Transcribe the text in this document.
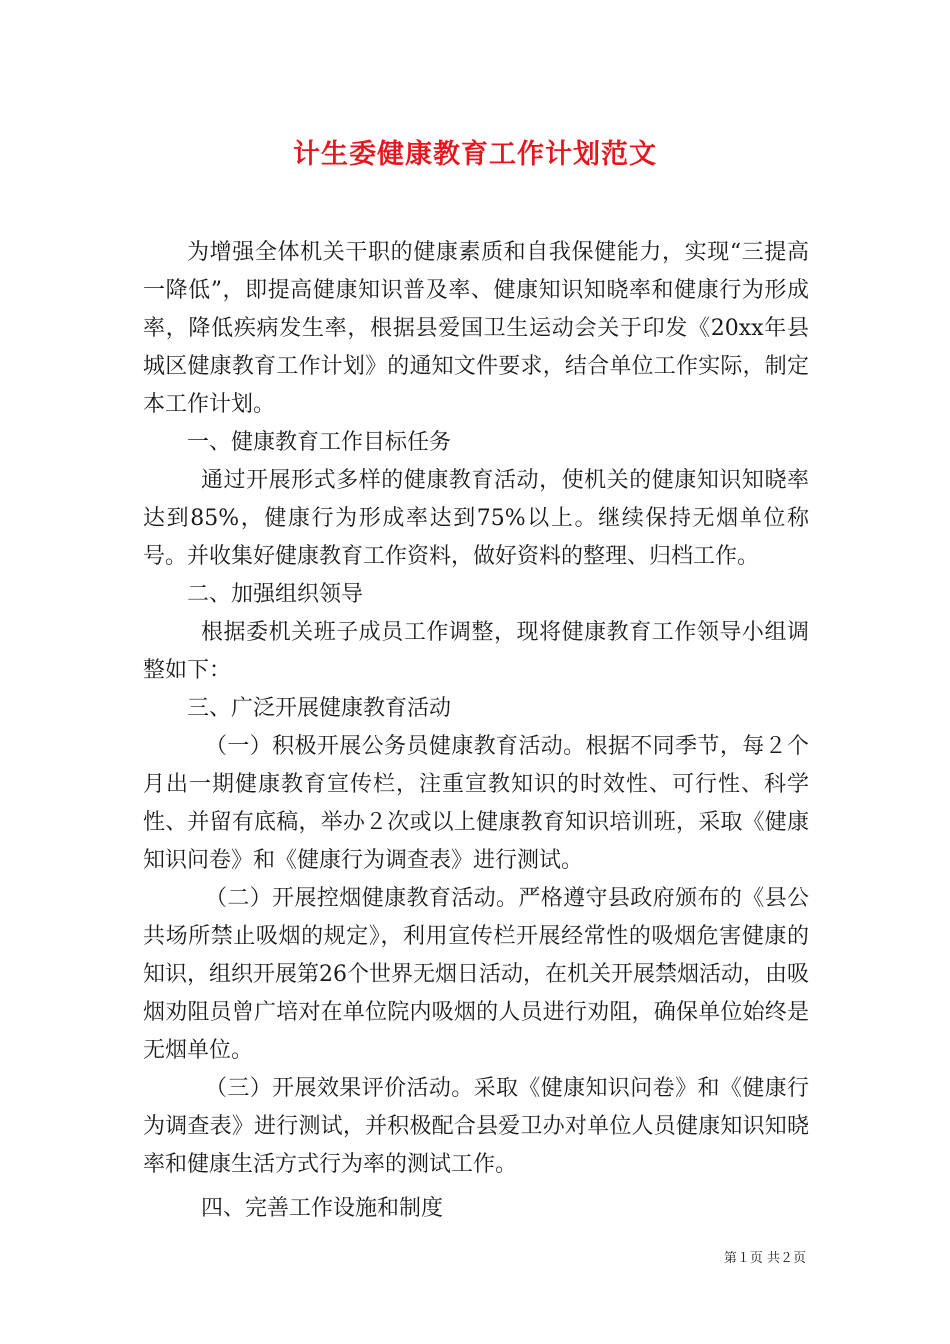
计生委健康教育工作计划范文

为增强全体机关干职的健康素质和自我保健能力，实现“三提高一降低”，即提高健康知识普及率、健康知识知晓率和健康行为形成率，降低疾病发生率，根据县爱国卫生运动会关于印发《20xx年县城区健康教育工作计划》的通知文件要求，结合单位工作实际，制定本工作计划。

一、健康教育工作目标任务

通过开展形式多样的健康教育活动，使机关的健康知识知晓率达到85%，健康行为形成率达到75%以上。继续保持无烟单位称号。并收集好健康教育工作资料，做好资料的整理、归档工作。

二、加强组织领导

根据委机关班子成员工作调整，现将健康教育工作领导小组调整如下：

三、广泛开展健康教育活动

（一）积极开展公务员健康教育活动。根据不同季节，每２个月出一期健康教育宣传栏，注重宣教知识的时效性、可行性、科学性、并留有底稿，举办２次或以上健康教育知识培训班，采取《健康知识问卷》和《健康行为调查表》进行测试。

（二）开展控烟健康教育活动。严格遵守县政府颁布的《县公共场所禁止吸烟的规定》，利用宣传栏开展经常性的吸烟危害健康的知识，组织开展第26个世界无烟日活动，在机关开展禁烟活动，由吸烟劝阻员曾广培对在单位院内吸烟的人员进行劝阻，确保单位始终是无烟单位。

（三）开展效果评价活动。采取《健康知识问卷》和《健康行为调查表》进行测试，并积极配合县爱卫办对单位人员健康知识知晓率和健康生活方式行为率的测试工作。

四、完善工作设施和制度

第１页 共２页
